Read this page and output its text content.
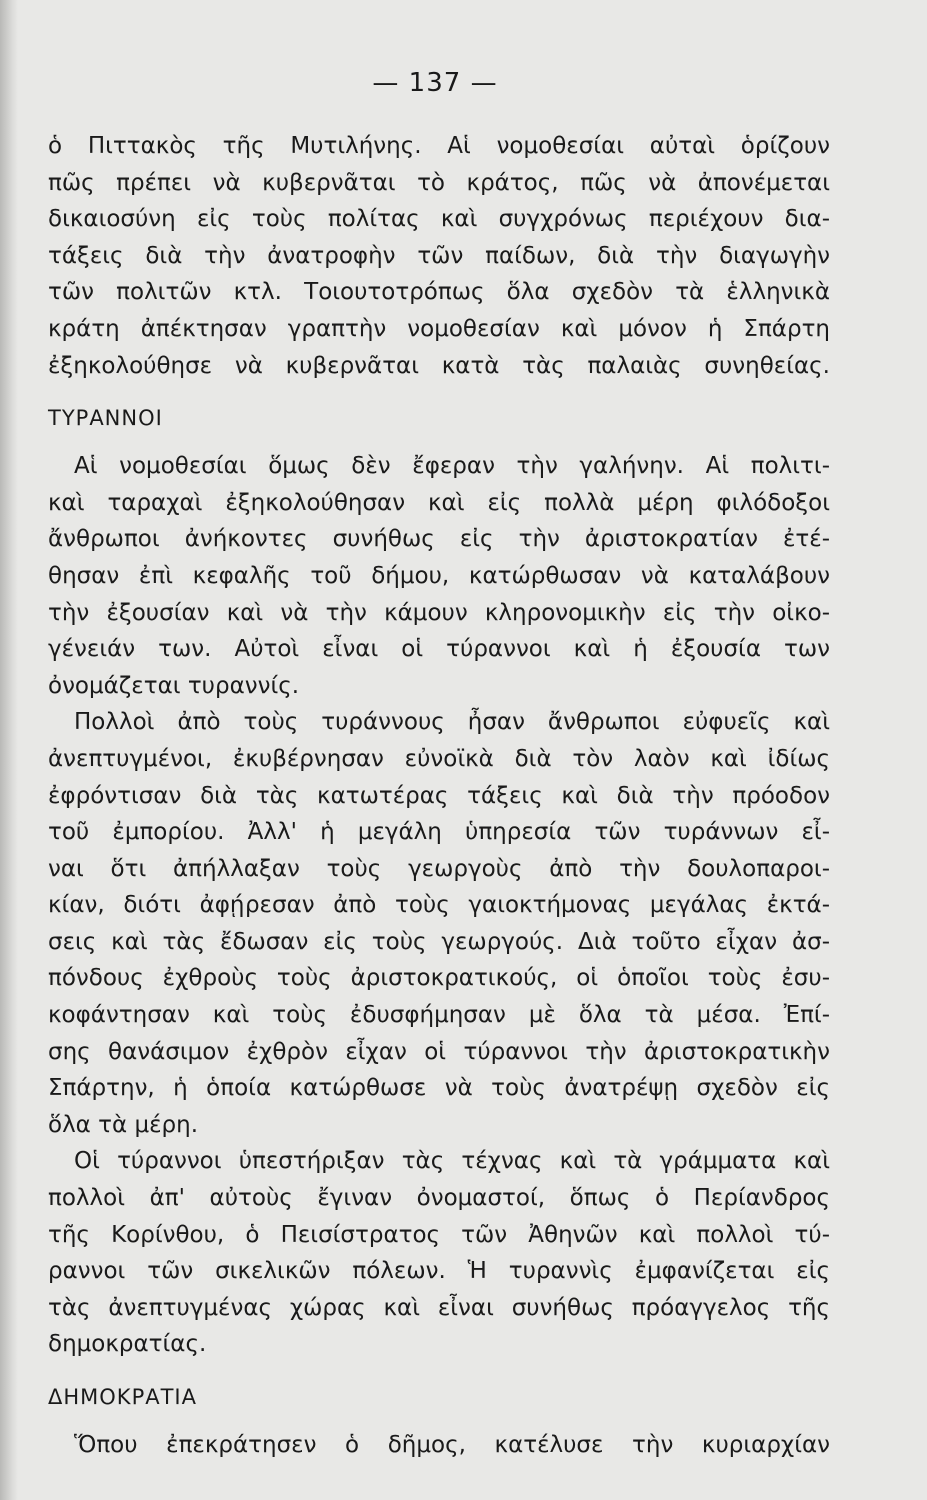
— 137 —

ὁ Πιττακὸς τῆς Μυτιλήνης. Αἱ νομοθεσίαι αὐταὶ ὁρίζουν

πῶς πρέπει νὰ κυβερνᾶται τὸ κράτος, πῶς νὰ ἀπονέμεται

δικαιοσύνη εἰς τοὺς πολίτας καὶ συγχρόνως περιέχουν δια-

τάξεις διὰ τὴν ἀνατροφὴν τῶν παίδων, διὰ τὴν διαγωγὴν

τῶν πολιτῶν κτλ. Τοιουτοτρόπως ὅλα σχεδὸν τὰ ἑλληνικὰ

κράτη ἀπέκτησαν γραπτὴν νομοθεσίαν καὶ μόνον ἡ Σπάρτη

ἐξηκολούθησε νὰ κυβερνᾶται κατὰ τὰς παλαιὰς συνηθείας.

ΤΥΡΑΝΝΟΙ

Αἱ νομοθεσίαι ὅμως δὲν ἔφεραν τὴν γαλήνην. Αἱ πολιτι-

καὶ ταραχαὶ ἐξηκολούθησαν καὶ εἰς πολλὰ μέρη φιλόδοξοι

ἄνθρωποι ἀνήκοντες συνήθως εἰς τὴν ἀριστοκρατίαν ἐτέ-

θησαν ἐπὶ κεφαλῆς τοῦ δήμου, κατώρθωσαν νὰ καταλάβουν

τὴν ἐξουσίαν καὶ νὰ τὴν κάμουν κληρονομικὴν εἰς τὴν οἰκο-

γένειάν των. Αὐτοὶ εἶναι οἱ τύραννοι καὶ ἡ ἐξουσία των

ὀνομάζεται τυραννίς.

Πολλοὶ ἀπὸ τοὺς τυράννους ἦσαν ἄνθρωποι εὐφυεῖς καὶ

ἀνεπτυγμένοι, ἐκυβέρνησαν εὐνοϊκὰ διὰ τὸν λαὸν καὶ ἰδίως

ἐφρόντισαν διὰ τὰς κατωτέρας τάξεις καὶ διὰ τὴν πρόοδον

τοῦ ἐμπορίου. Ἀλλ' ἡ μεγάλη ὑπηρεσία τῶν τυράννων εἶ-

ναι ὅτι ἀπήλλαξαν τοὺς γεωργοὺς ἀπὸ τὴν δουλοπαροι-

κίαν, διότι ἀφῄρεσαν ἀπὸ τοὺς γαιοκτήμονας μεγάλας ἐκτά-

σεις καὶ τὰς ἔδωσαν εἰς τοὺς γεωργούς. Διὰ τοῦτο εἶχαν ἀσ-

πόνδους ἐχθροὺς τοὺς ἀριστοκρατικούς, οἱ ὁποῖοι τοὺς ἐσυ-

κοφάντησαν καὶ τοὺς ἐδυσφήμησαν μὲ ὅλα τὰ μέσα. Ἐπί-

σης θανάσιμον ἐχθρὸν εἶχαν οἱ τύραννοι τὴν ἀριστοκρατικὴν

Σπάρτην, ἡ ὁποία κατώρθωσε νὰ τοὺς ἀνατρέψῃ σχεδὸν εἰς

ὅλα τὰ μέρη.

Οἱ τύραννοι ὑπεστήριξαν τὰς τέχνας καὶ τὰ γράμματα καὶ

πολλοὶ ἀπ' αὐτοὺς ἔγιναν ὀνομαστοί, ὅπως ὁ Περίανδρος

τῆς Κορίνθου, ὁ Πεισίστρατος τῶν Ἀθηνῶν καὶ πολλοὶ τύ-

ραννοι τῶν σικελικῶν πόλεων. Ἡ τυραννὶς ἐμφανίζεται εἰς

τὰς ἀνεπτυγμένας χώρας καὶ εἶναι συνήθως πρόαγγελος τῆς

δημοκρατίας.

ΔΗΜΟΚΡΑΤΙΑ

Ὅπου ἐπεκράτησεν ὁ δῆμος, κατέλυσε τὴν κυριαρχίαν
